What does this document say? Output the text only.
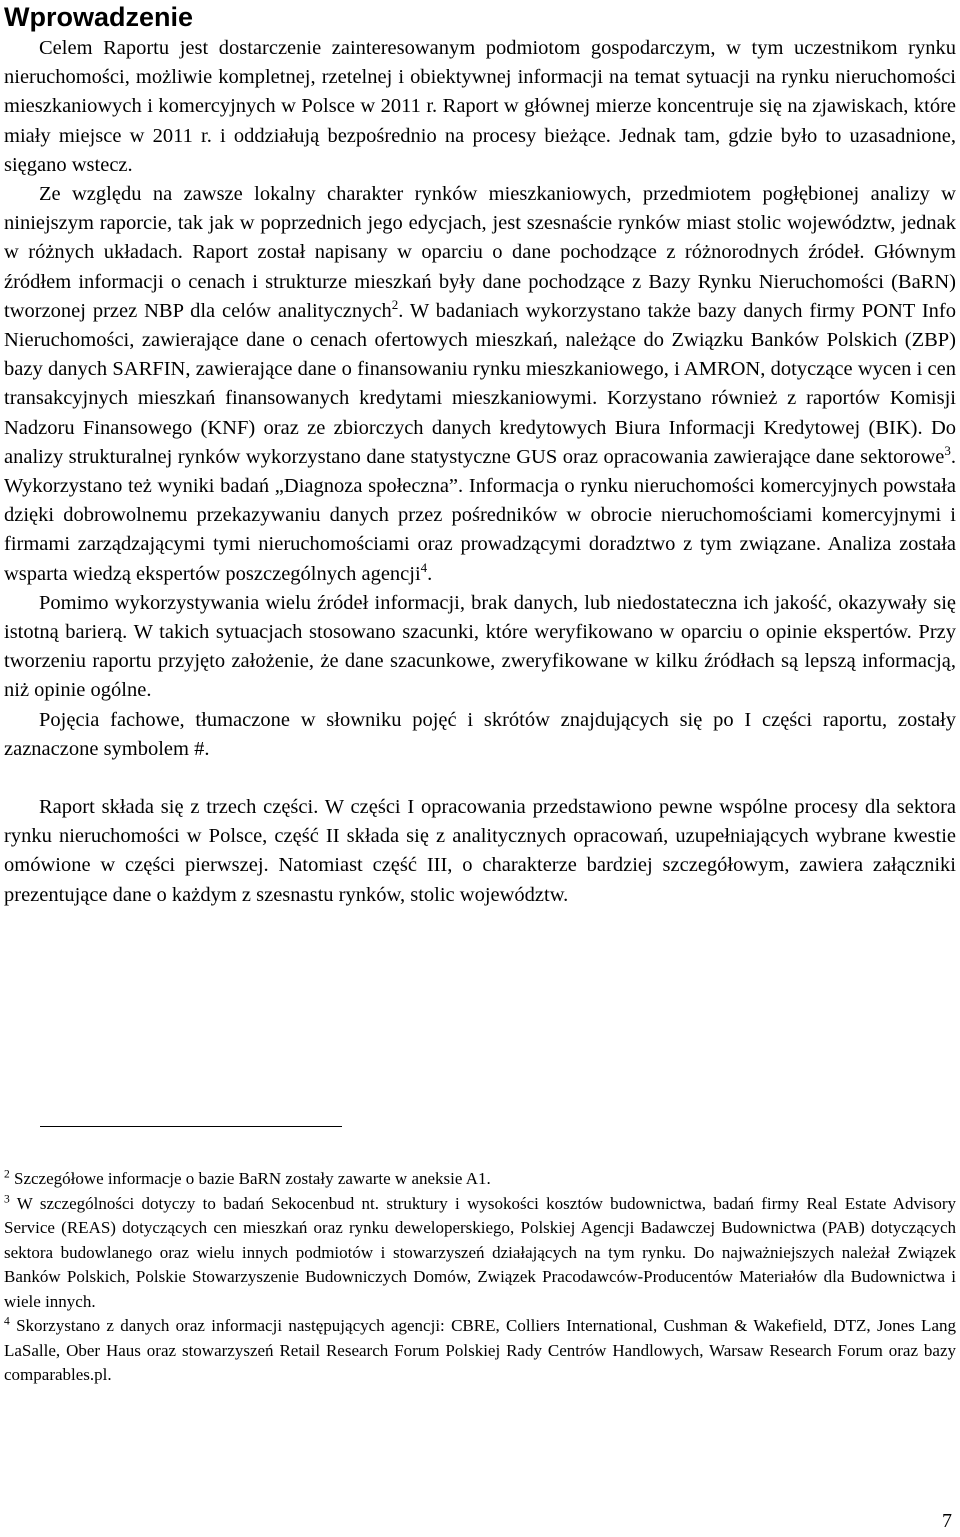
Wprowadzenie

Celem Raportu jest dostarczenie zainteresowanym podmiotom gospodarczym, w tym uczestnikom rynku nieruchomości, możliwie kompletnej, rzetelnej i obiektywnej informacji na temat sytuacji na rynku nieruchomości mieszkaniowych i komercyjnych w Polsce w 2011 r. Raport w głównej mierze koncentruje się na zjawiskach, które miały miejsce w 2011 r. i oddziałują bezpośrednio na procesy bieżące. Jednak tam, gdzie było to uzasadnione, sięgano wstecz.

Ze względu na zawsze lokalny charakter rynków mieszkaniowych, przedmiotem pogłębionej analizy w niniejszym raporcie, tak jak w poprzednich jego edycjach, jest szesnaście rynków miast stolic województw, jednak w różnych układach. Raport został napisany w oparciu o dane pochodzące z różnorodnych źródeł. Głównym źródłem informacji o cenach i strukturze mieszkań były dane pochodzące z Bazy Rynku Nieruchomości (BaRN) tworzonej przez NBP dla celów analitycznych$^2$. W badaniach wykorzystano także bazy danych firmy PONT Info Nieruchomości, zawierające dane o cenach ofertowych mieszkań, należące do Związku Banków Polskich (ZBP) bazy danych SARFIN, zawierające dane o finansowaniu rynku mieszkaniowego, i AMRON, dotyczące wycen i cen transakcyjnych mieszkań finansowanych kredytami mieszkaniowymi. Korzystano również z raportów Komisji Nadzoru Finansowego (KNF) oraz ze zbiorczych danych kredytowych Biura Informacji Kredytowej (BIK). Do analizy strukturalnej rynków wykorzystano dane statystyczne GUS oraz opracowania zawierające dane sektorowe$^3$. Wykorzystano też wyniki badań „Diagnoza społeczna”. Informacja o rynku nieruchomości komercyjnych powstała dzięki dobrowolnemu przekazywaniu danych przez pośredników w obrocie nieruchomościami komercyjnymi i firmami zarządzającymi tymi nieruchomościami oraz prowadzącymi doradztwo z tym związane. Analiza została wsparta wiedzą ekspertów poszczególnych agencji$^4$.

Pomimo wykorzystywania wielu źródeł informacji, brak danych, lub niedostateczna ich jakość, okazywały się istotną barierą. W takich sytuacjach stosowano szacunki, które weryfikowano w oparciu o opinie ekspertów. Przy tworzeniu raportu przyjęto założenie, że dane szacunkowe, zweryfikowane w kilku źródłach są lepszą informacją, niż opinie ogólne.

Pojęcia fachowe, tłumaczone w słowniku pojęć i skrótów znajdujących się po I części raportu, zostały zaznaczone symbolem #.

Raport składa się z trzech części. W części I opracowania przedstawiono pewne wspólne procesy dla sektora rynku nieruchomości w Polsce, część II składa się z analitycznych opracowań, uzupełniających wybrane kwestie omówione w części pierwszej. Natomiast część III, o charakterze bardziej szczegółowym, zawiera załączniki prezentujące dane o każdym z szesnastu rynków, stolic województw.

$^2$ Szczegółowe informacje o bazie BaRN zostały zawarte w aneksie A1.

$^3$ W szczególności dotyczy to badań Sekocenbud nt. struktury i wysokości kosztów budownictwa, badań firmy Real Estate Advisory Service (REAS) dotyczących cen mieszkań oraz rynku deweloperskiego, Polskiej Agencji Badawczej Budownictwa (PAB) dotyczących sektora budowlanego oraz wielu innych podmiotów i stowarzyszeń działających na tym rynku. Do najważniejszych należał Związek Banków Polskich, Polskie Stowarzyszenie Budowniczych Domów, Związek Pracodawców-Producentów Materiałów dla Budownictwa i wiele innych.

$^4$ Skorzystano z danych oraz informacji następujących agencji: CBRE, Colliers International, Cushman & Wakefield, DTZ, Jones Lang LaSalle, Ober Haus oraz stowarzyszeń Retail Research Forum Polskiej Rady Centrów Handlowych, Warsaw Research Forum oraz bazy comparables.pl.

7
